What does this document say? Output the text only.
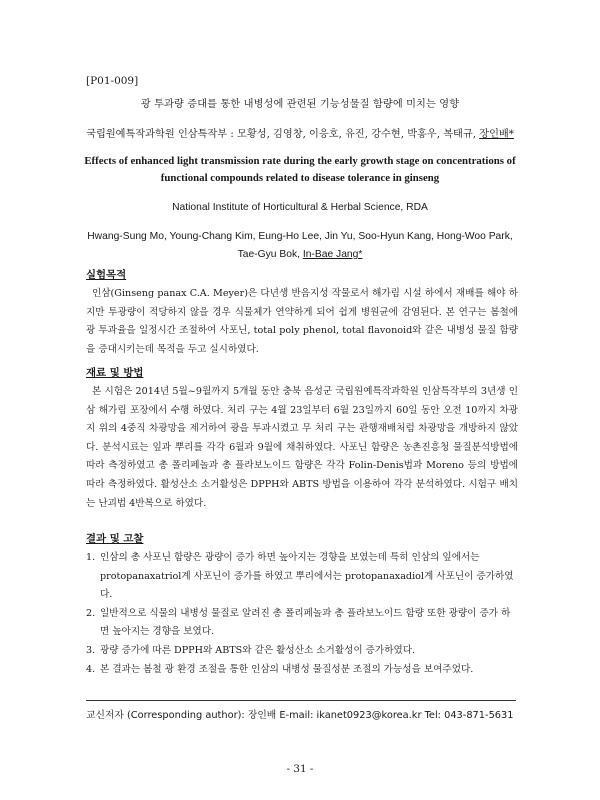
[P01-009]
광 투과량 증대를 통한 내병성에 관련된 기능성물질 함량에 미치는 영향
국립원예특작과학원 인삼특작부 : 모황성, 김영창, 이응호, 유진, 강수현, 박홍우, 복태규, 장인배*
Effects of enhanced light transmission rate during the early growth stage on concentrations of functional compounds related to disease tolerance in ginseng
National Institute of Horticultural & Herbal Science, RDA
Hwang-Sung Mo, Young-Chang Kim, Eung-Ho Lee, Jin Yu, Soo-Hyun Kang, Hong-Woo Park, Tae-Gyu Bok, In-Bae Jang*
실험목적

인삼(Ginseng panax C.A. Meyer)은 다년생 반음지성 작물로서 해가림 시설 하에서 재배를 해야 하지만 투광량이 적당하지 않을 경우 식물체가 연약하게 되어 쉽게 병원균에 감염된다. 본 연구는 봄철에 광 투과율을 일정시간 조절하여 사포닌, total poly phenol, total flavonoid와 같은 내병성 물질 함량을 증대시키는데 목적을 두고 실시하였다.

재료 및 방법

본 시험은 2014년 5월~9월까지 5개월 동안 충북 음성군 국립원예특작과학원 인삼특작부의 3년생 인삼 해가림 포장에서 수행 하였다. 처리 구는 4월 23일부터 6월 23일까지 60일 동안 오전 10까지 차광지 위의 4중직 차광망을 제거하여 광을 투과시켰고 무 처리 구는 관행재배처럼 차광망을 개방하지 않았다. 분석시료는 잎과 뿌리를 각각 6월과 9월에 채취하였다. 사포닌 함량은 농촌진흥청 물질분석방법에 따라 측정하였고 총 폴리페놀과 총 플라보노이드 함량은 각각 Folin-Denis법과 Moreno 등의 방법에 따라 측정하였다. 활성산소 소거활성은 DPPH와 ABTS 방법을 이용하여 각각 분석하였다. 시험구 배치는 난괴법 4반복으로 하였다.

결과 및 고찰
1. 인삼의 총 사포닌 함량은 광량이 증가 하면 높아지는 경향을 보였는데 특히 인삼의 잎에서는 protopanaxatriol계 사포닌이 증가를 하였고 뿌리에서는 protopanaxadiol계 사포닌이 증가하였다.
2. 일반적으로 식물의 내병성 물질로 알려진 총 폴리페놀과 총 플라보노이드 함량 또한 광량이 증가 하면 높아지는 경향을 보였다.
3. 광량 증가에 따른 DPPH와 ABTS와 같은 활성산소 소거활성이 증가하였다.
4. 본 결과는 봄철 광 환경 조절을 통한 인삼의 내병성 물질성분 조절의 가능성을 보여주었다.
교신저자 (Corresponding author): 장인배 E-mail: ikanet0923@korea.kr Tel: 043-871-5631
- 31 -
